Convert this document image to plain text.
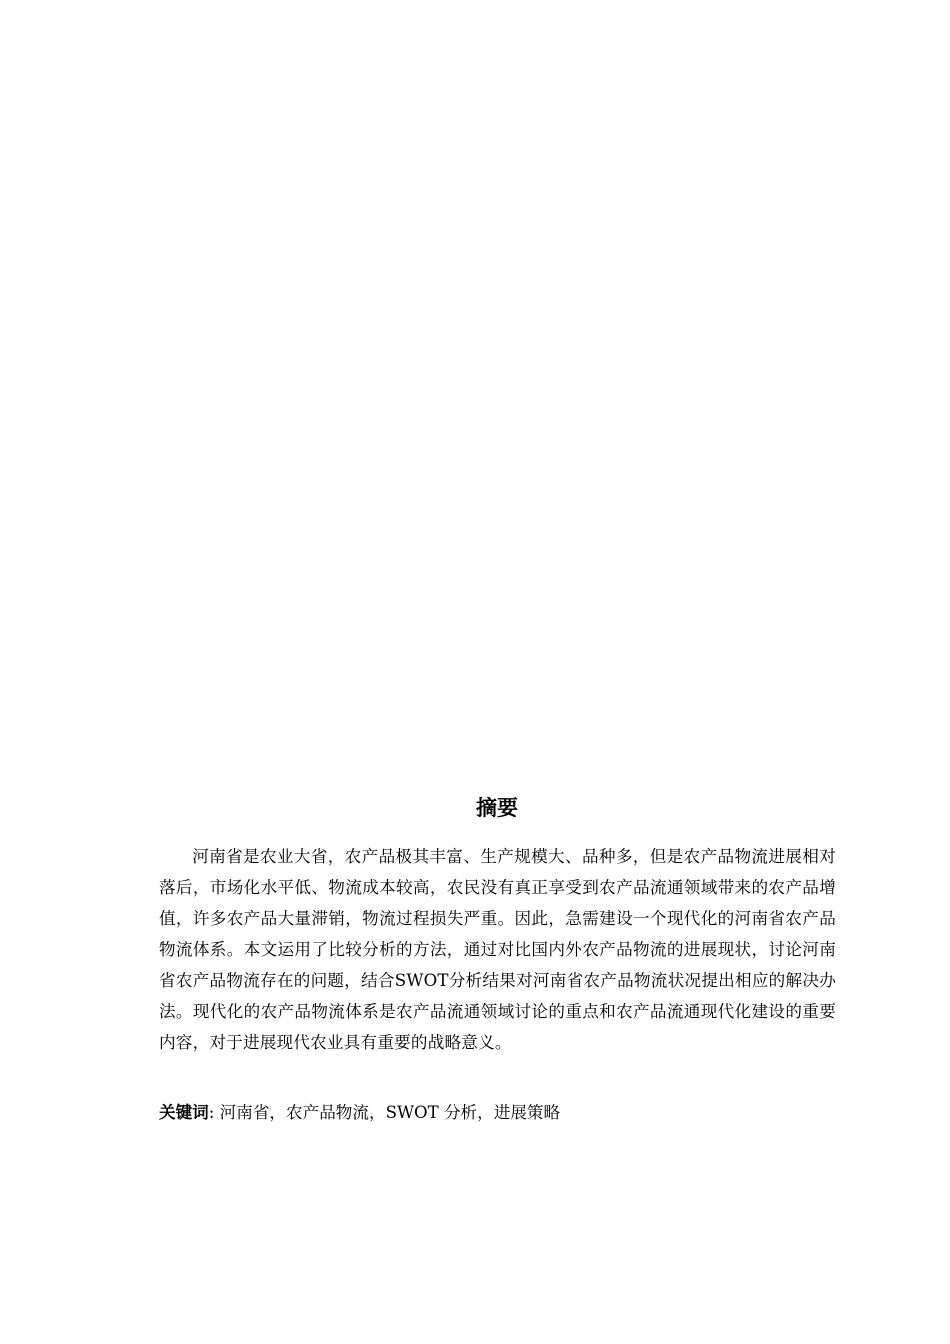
摘要

河南省是农业大省，农产品极其丰富、生产规模大、品种多，但是农产品物流进展相对落后，市场化水平低、物流成本较高，农民没有真正享受到农产品流通领域带来的农产品增值，许多农产品大量滞销，物流过程损失严重。因此，急需建设一个现代化的河南省农产品物流体系。本文运用了比较分析的方法，通过对比国内外农产品物流的进展现状，讨论河南省农产品物流存在的问题，结合SWOT分析结果对河南省农产品物流状况提出相应的解决办法。现代化的农产品物流体系是农产品流通领域讨论的重点和农产品流通现代化建设的重要内容，对于进展现代农业具有重要的战略意义。

关键词: 河南省，农产品物流，SWOT 分析，进展策略
